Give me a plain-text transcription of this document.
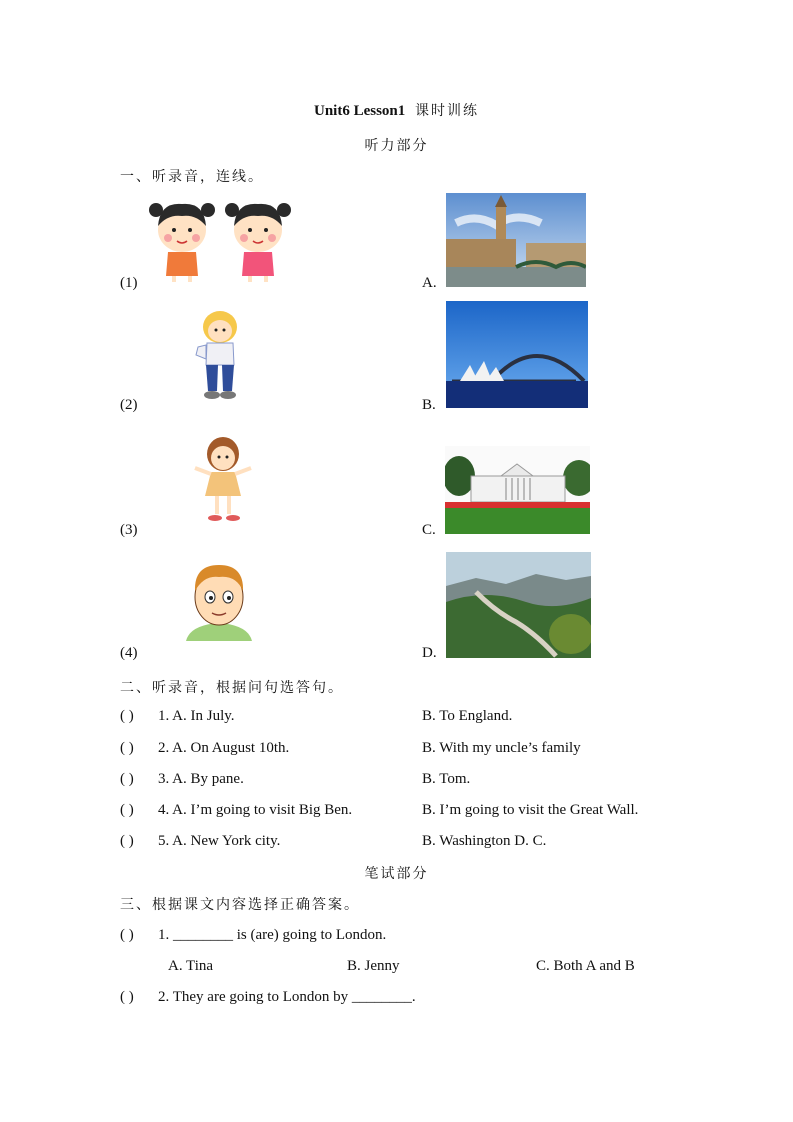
Unit6 Lesson1 课时训练
听力部分
一、听录音，连线。
(1)
(2)
(3)
(4)
A.
B.
C.
D.
二、听录音，根据问句选答句。
( ) 1. A. In July.	B. To England.
( ) 2. A. On August 10th.	B. With my uncle’s family
( ) 3. A. By pane.	B. Tom.
( ) 4. A. I’m going to visit Big Ben.	B. I’m going to visit the Great Wall.
( ) 5. A. New York city.	B. Washington D. C.
笔试部分
三、根据课文内容选择正确答案。
( ) 1. ________ is (are) going to London.
A. Tina	B. Jenny	C. Both A and B
( ) 2. They are going to London by ________.
